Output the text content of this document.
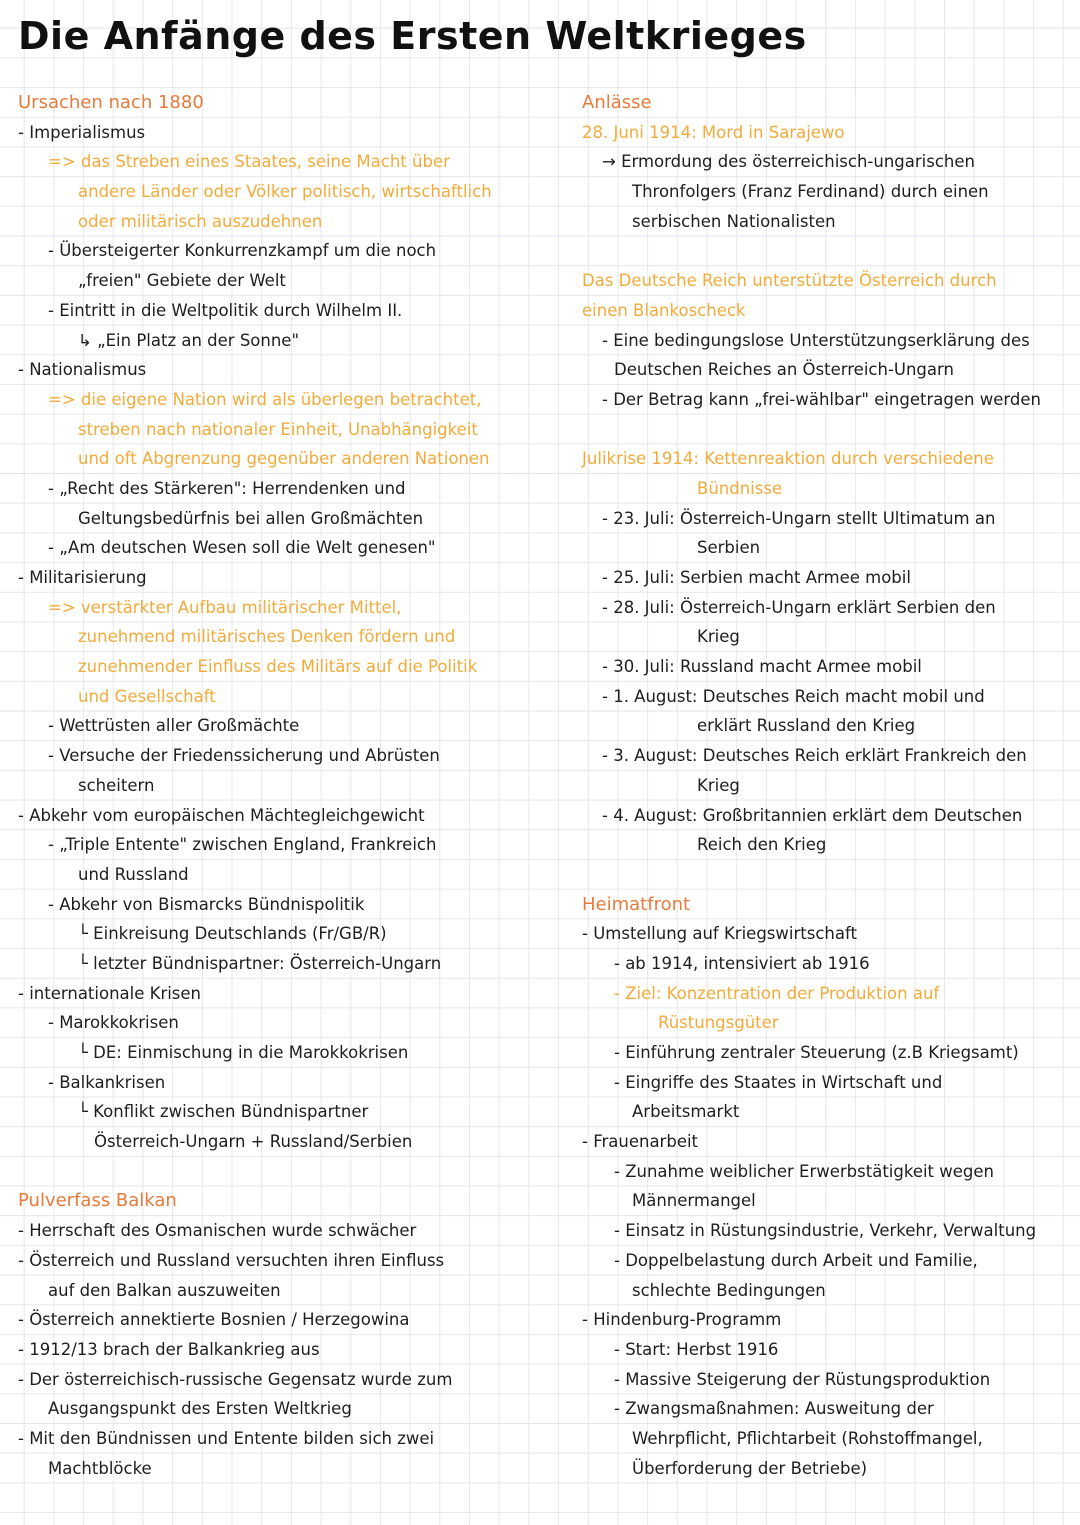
Die Anfänge des Ersten Weltkrieges
Ursachen nach 1880
- Imperialismus
=> das Streben eines Staates, seine Macht über
andere Länder oder Völker politisch, wirtschaftlich
oder militärisch auszudehnen
- Übersteigerter Konkurrenzkampf um die noch
„freien" Gebiete der Welt
- Eintritt in die Weltpolitik durch Wilhelm II.
↳ „Ein Platz an der Sonne"
- Nationalismus
=> die eigene Nation wird als überlegen betrachtet,
streben nach nationaler Einheit, Unabhängigkeit
und oft Abgrenzung gegenüber anderen Nationen
- „Recht des Stärkeren": Herrendenken und
Geltungsbedürfnis bei allen Großmächten
- „Am deutschen Wesen soll die Welt genesen"
- Militarisierung
=> verstärkter Aufbau militärischer Mittel,
zunehmend militärisches Denken fördern und
zunehmender Einfluss des Militärs auf die Politik
und Gesellschaft
- Wettrüsten aller Großmächte
- Versuche der Friedenssicherung und Abrüsten
scheitern
- Abkehr vom europäischen Mächtegleichgewicht
- „Triple Entente" zwischen England, Frankreich
und Russland
- Abkehr von Bismarcks Bündnispolitik
└ Einkreisung Deutschlands (Fr/GB/R)
└ letzter Bündnispartner: Österreich-Ungarn
- internationale Krisen
- Marokkokrisen
└ DE: Einmischung in die Marokkokrisen
- Balkankrisen
└ Konflikt zwischen Bündnispartner
Österreich-Ungarn + Russland/Serbien
Pulverfass Balkan
- Herrschaft des Osmanischen wurde schwächer
- Österreich und Russland versuchten ihren Einfluss
auf den Balkan auszuweiten
- Österreich annektierte Bosnien / Herzegowina
- 1912/13 brach der Balkankrieg aus
- Der österreichisch-russische Gegensatz wurde zum
Ausgangspunkt des Ersten Weltkrieg
- Mit den Bündnissen und Entente bilden sich zwei
Machtblöcke
Anlässe
28. Juni 1914: Mord in Sarajewo
→ Ermordung des österreichisch-ungarischen
Thronfolgers (Franz Ferdinand) durch einen
serbischen Nationalisten
Das Deutsche Reich unterstützte Österreich durch
einen Blankoscheck
- Eine bedingungslose Unterstützungserklärung des
Deutschen Reiches an Österreich-Ungarn
- Der Betrag kann „frei-wählbar" eingetragen werden
Julikrise 1914: Kettenreaktion durch verschiedene
Bündnisse
- 23. Juli: Österreich-Ungarn stellt Ultimatum an
Serbien
- 25. Juli: Serbien macht Armee mobil
- 28. Juli: Österreich-Ungarn erklärt Serbien den
Krieg
- 30. Juli: Russland macht Armee mobil
- 1. August: Deutsches Reich macht mobil und
erklärt Russland den Krieg
- 3. August: Deutsches Reich erklärt Frankreich den
Krieg
- 4. August: Großbritannien erklärt dem Deutschen
Reich den Krieg
Heimatfront
- Umstellung auf Kriegswirtschaft
- ab 1914, intensiviert ab 1916
- Ziel: Konzentration der Produktion auf
Rüstungsgüter
- Einführung zentraler Steuerung (z.B Kriegsamt)
- Eingriffe des Staates in Wirtschaft und
Arbeitsmarkt
- Frauenarbeit
- Zunahme weiblicher Erwerbstätigkeit wegen
Männermangel
- Einsatz in Rüstungsindustrie, Verkehr, Verwaltung
- Doppelbelastung durch Arbeit und Familie,
schlechte Bedingungen
- Hindenburg-Programm
- Start: Herbst 1916
- Massive Steigerung der Rüstungsproduktion
- Zwangsmaßnahmen: Ausweitung der
Wehrpflicht, Pflichtarbeit (Rohstoffmangel,
Überforderung der Betriebe)
